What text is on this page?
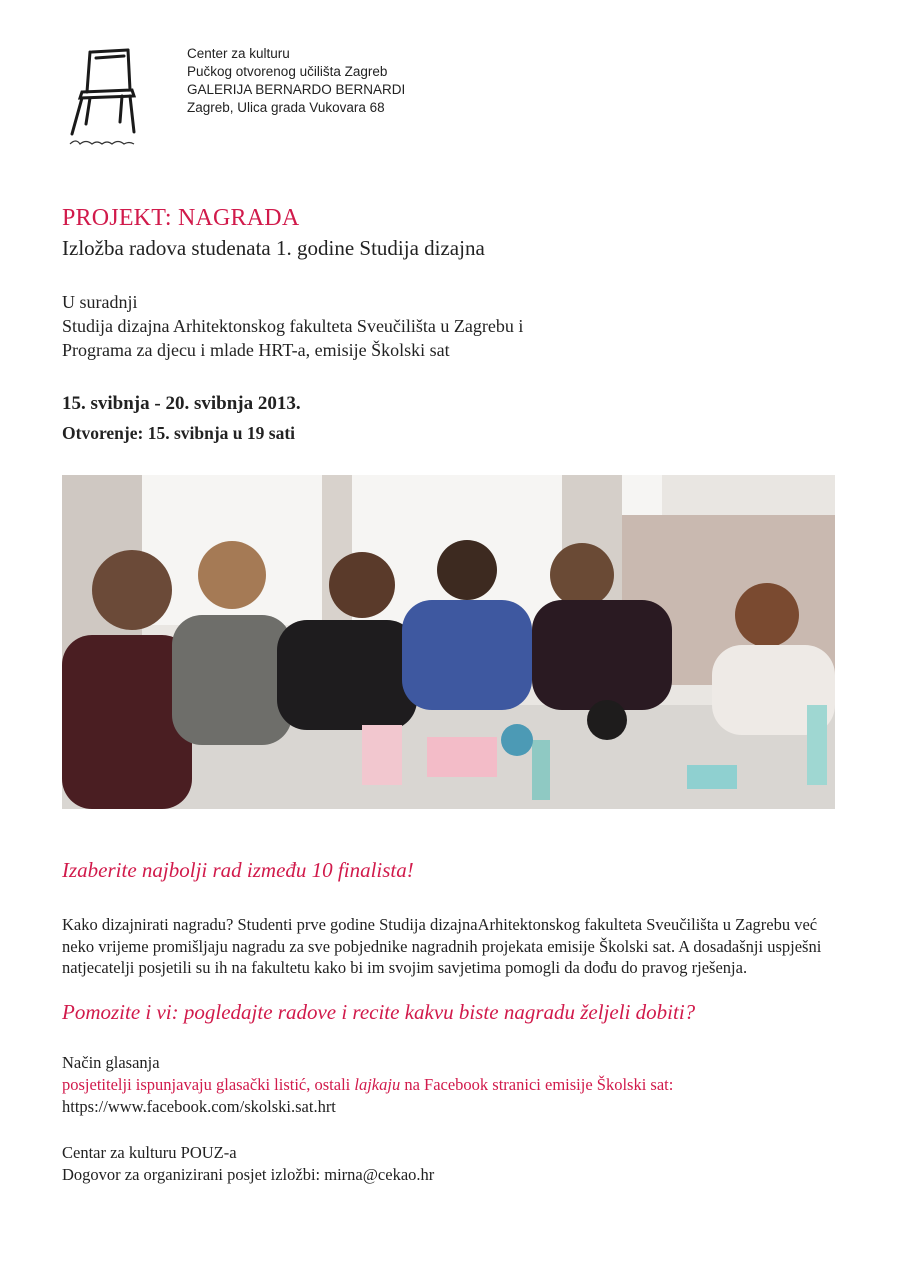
Center za kulturu
Pučkog otvorenog učilišta Zagreb
GALERIJA BERNARDO BERNARDI
Zagreb, Ulica grada Vukovara 68
PROJEKT: NAGRADA
Izložba radova studenata 1. godine Studija dizajna
U suradnji
Studija dizajna Arhitektonskog fakulteta Sveučilišta u Zagrebu i
Programa za djecu i mlade HRT-a, emisije Školski sat
15. svibnja - 20. svibnja 2013.
Otvorenje: 15. svibnja u 19 sati
Izaberite najbolji rad između 10 finalista!
Kako dizajnirati nagradu? Studenti prve godine Studija dizajnaArhitektonskog fakulteta Sveučilišta u Zagrebu već neko vrijeme promišljaju nagradu za sve pobjednike nagradnih projekata emisije Školski sat. A dosadašnji uspješni natjecatelji posjetili su ih na fakultetu kako bi im svojim savjetima pomogli da dođu do pravog rješenja.
Pomozite i vi: pogledajte radove i recite kakvu biste nagradu željeli dobiti?
Način glasanja
posjetitelji ispunjavaju glasački listić, ostali lajkaju na Facebook stranici emisije Školski sat:
https://www.facebook.com/skolski.sat.hrt
Centar za kulturu POUZ-a
Dogovor za organizirani posjet izložbi: mirna@cekao.hr
